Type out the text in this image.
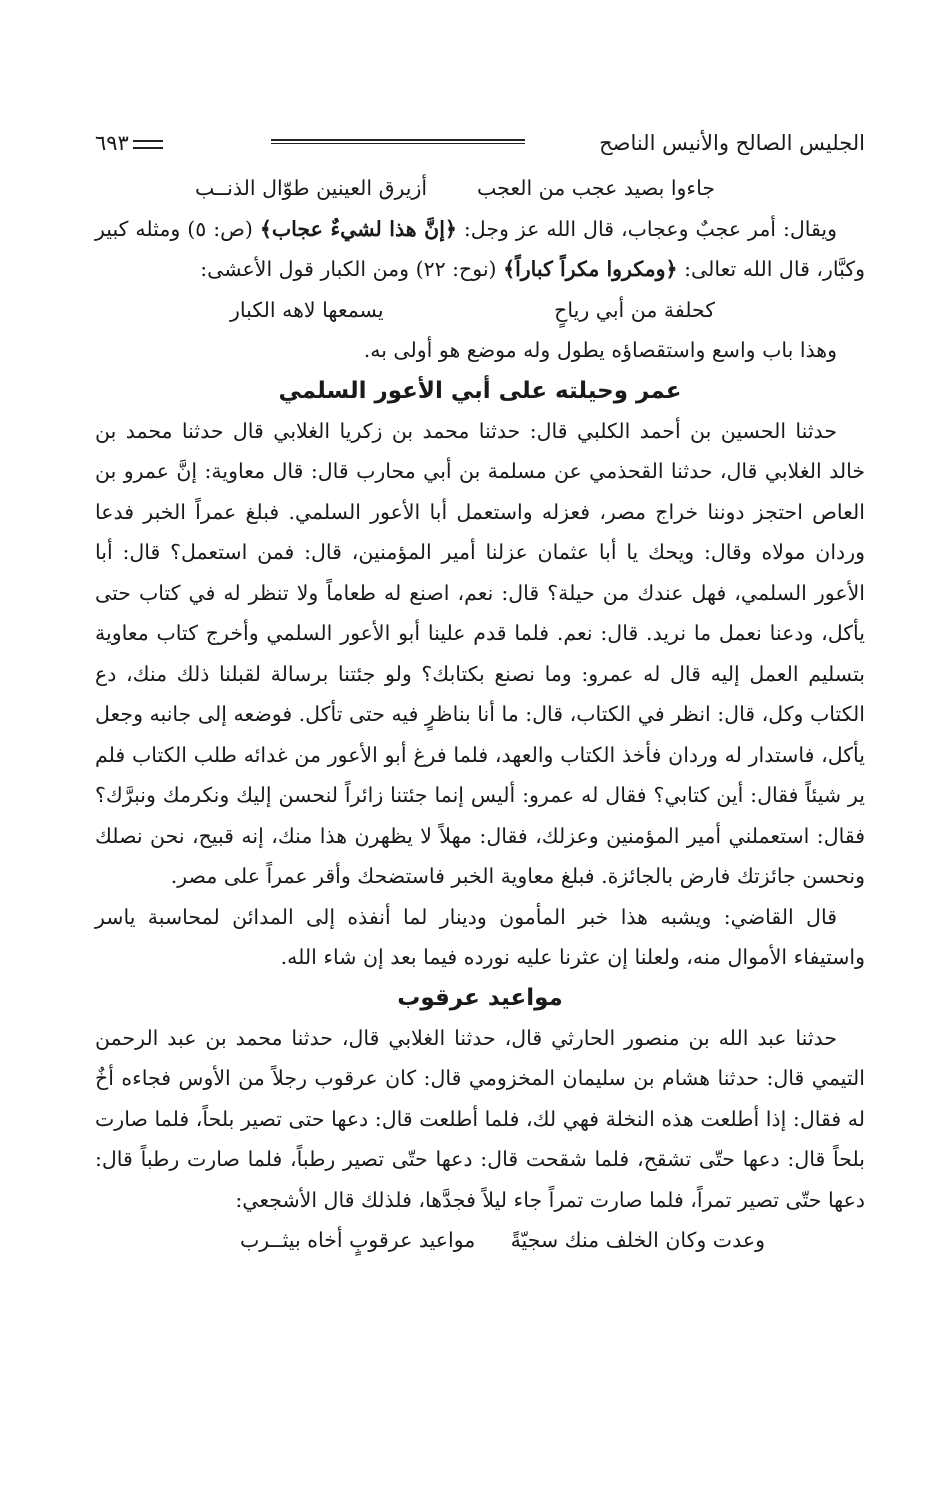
الجليس الصالح والأنيس الناصح
٦٩٣
جاءوا بصيد عجب من العجب
أزيرق العينين طوّال الذنــب

ويقال: أمر عجبٌ وعجاب، قال الله عز وجل: ﴿إنَّ هذا لشيءٌ عجاب﴾ (ص: ٥) ومثله كبير وكبَّار، قال الله تعالى: ﴿ومكروا مكراً كباراً﴾ (نوح: ٢٢) ومن الكبار قول الأعشى:

كحلفة من أبي رياحٍ
يسمعها لاهه الكبار

وهذا باب واسع واستقصاؤه يطول وله موضع هو أولى به.

عمر وحيلته على أبي الأعور السلمي

حدثنا الحسين بن أحمد الكلبي قال: حدثنا محمد بن زكريا الغلابي قال حدثنا محمد بن خالد الغلابي قال، حدثنا القحذمي عن مسلمة بن أبي محارب قال: قال معاوية: إنَّ عمرو بن العاص احتجز دوننا خراج مصر، فعزله واستعمل أبا الأعور السلمي. فبلغ عمراً الخبر فدعا وردان مولاه وقال: ويحك يا أبا عثمان عزلنا أمير المؤمنين، قال: فمن استعمل؟ قال: أبا الأعور السلمي، فهل عندك من حيلة؟ قال: نعم، اصنع له طعاماً ولا تنظر له في كتاب حتى يأكل، ودعنا نعمل ما نريد. قال: نعم. فلما قدم علينا أبو الأعور السلمي وأخرج كتاب معاوية بتسليم العمل إليه قال له عمرو: وما نصنع بكتابك؟ ولو جئتنا برسالة لقبلنا ذلك منك، دع الكتاب وكل، قال: انظر في الكتاب، قال: ما أنا بناظرٍ فيه حتى تأكل. فوضعه إلى جانبه وجعل يأكل، فاستدار له وردان فأخذ الكتاب والعهد، فلما فرغ أبو الأعور من غدائه طلب الكتاب فلم ير شيئاً فقال: أين كتابي؟ فقال له عمرو: أليس إنما جئتنا زائراً لنحسن إليك ونكرمك ونبرَّك؟ فقال: استعملني أمير المؤمنين وعزلك، فقال: مهلاً لا يظهرن هذا منك، إنه قبيح، نحن نصلك ونحسن جائزتك فارض بالجائزة. فبلغ معاوية الخبر فاستضحك وأقر عمراً على مصر.

قال القاضي: ويشبه هذا خبر المأمون ودينار لما أنفذه إلى المدائن لمحاسبة ياسر واستيفاء الأموال منه، ولعلنا إن عثرنا عليه نورده فيما بعد إن شاء الله.

مواعيد عرقوب

حدثنا عبد الله بن منصور الحارثي قال، حدثنا الغلابي قال، حدثنا محمد بن عبد الرحمن التيمي قال: حدثنا هشام بن سليمان المخزومي قال: كان عرقوب رجلاً من الأوس فجاءه أخٌ له فقال: إذا أطلعت هذه النخلة فهي لك، فلما أطلعت قال: دعها حتى تصير بلحاً، فلما صارت بلحاً قال: دعها حتّى تشقح، فلما شقحت قال: دعها حتّى تصير رطباً، فلما صارت رطباً قال: دعها حتّى تصير تمراً، فلما صارت تمراً جاء ليلاً فجدَّها، فلذلك قال الأشجعي:

وعدت وكان الخلف منك سجيّةً
مواعيد عرقوبٍ أخاه بيثــرب
